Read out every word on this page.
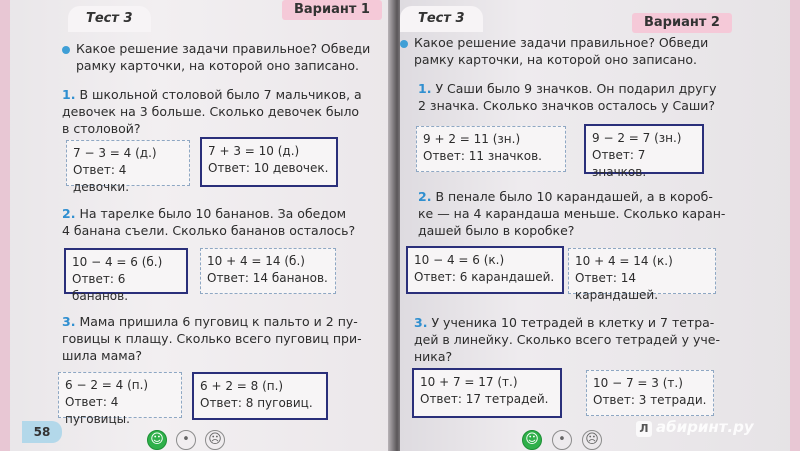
Тест 3
Вариант 1
Какое решение задачи правильное? Обведи
рамку карточки, на которой оно записано.
1. В школьной столовой было 7 мальчиков, а
девочек на 3 больше. Сколько девочек было
в столовой?
7 − 3 = 4 (д.)
Ответ: 4 девочки.
7 + 3 = 10 (д.)
Ответ: 10 девочек.
2. На тарелке было 10 бананов. За обедом
4 банана съели. Сколько бананов осталось?
10 − 4 = 6 (б.)
Ответ: 6 бананов.
10 + 4 = 14 (б.)
Ответ: 14 бананов.
3. Мама пришила 6 пуговиц к пальто и 2 пу-
говицы к плащу. Сколько всего пуговиц при-
шила мама?
6 − 2 = 4 (п.)
Ответ: 4 пуговицы.
6 + 2 = 8 (п.)
Ответ: 8 пуговиц.
58	☺	•	☹
Тест 3	Вариант 2
Какое решение задачи правильное? Обведи
рамку карточки, на которой оно записано.
1. У Саши было 9 значков. Он подарил другу
2 значка. Сколько значков осталось у Саши?
9 + 2 = 11 (зн.)
Ответ: 11 значков.
9 − 2 = 7 (зн.)
Ответ: 7 значков.
2. В пенале было 10 карандашей, а в короб-
ке — на 4 карандаша меньше. Сколько каран-
дашей было в коробке?
10 − 4 = 6 (к.)
Ответ: 6 карандашей.
10 + 4 = 14 (к.)
Ответ: 14 карандашей.
3. У ученика 10 тетрадей в клетку и 7 тетра-
дей в линейку. Сколько всего тетрадей у уче-
ника?
10 + 7 = 17 (т.)
Ответ: 17 тетрадей.
10 − 7 = 3 (т.)
Ответ: 3 тетради.
☺	•	☹
Л абиринт.ру
